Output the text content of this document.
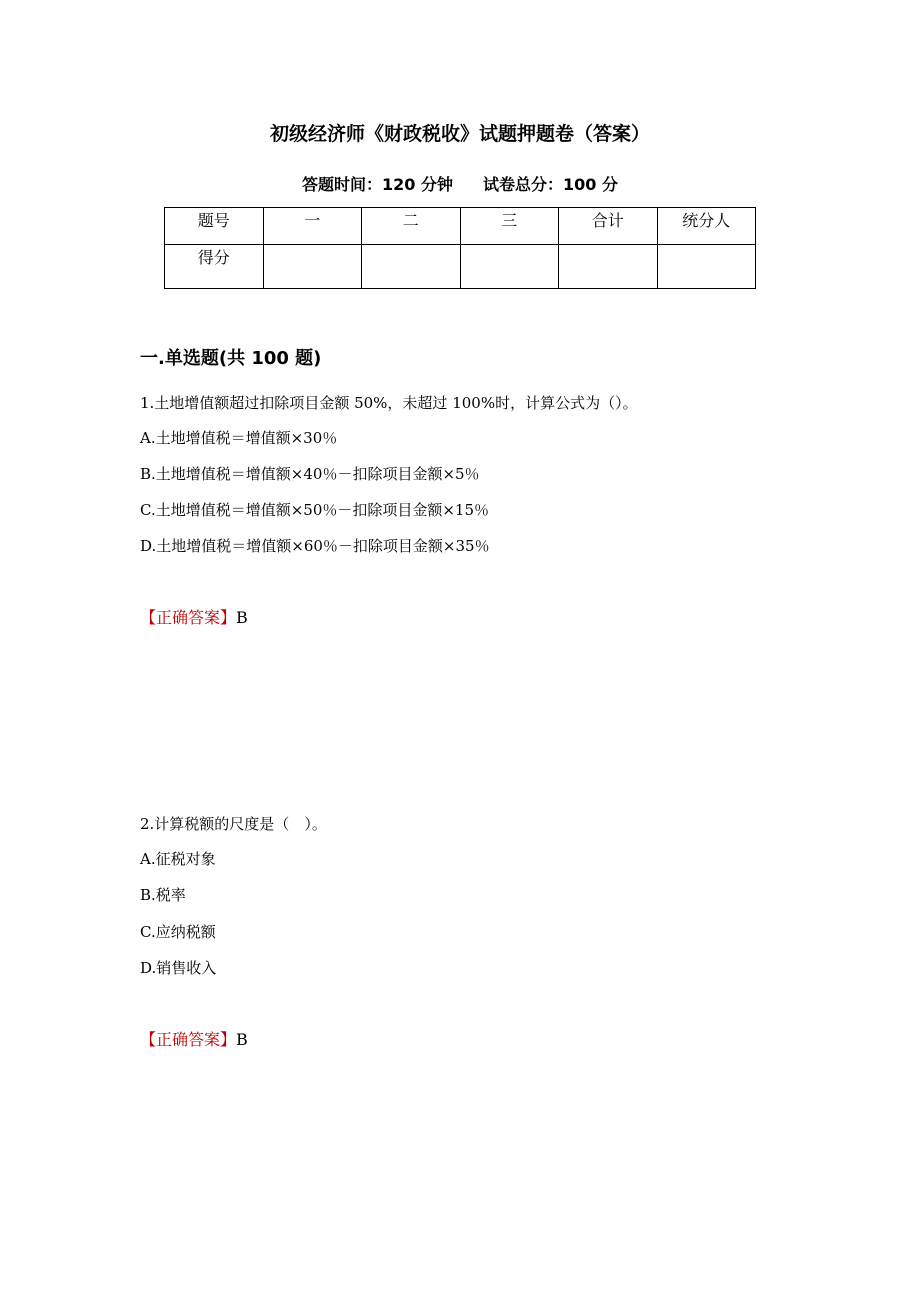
初级经济师《财政税收》试题押题卷（答案）
答题时间：120 分钟 试卷总分：100 分
题号	一	二	三	合计	统分人
得分					
一.单选题(共 100 题)
1.土地增值额超过扣除项目金额 50%，未超过 100%时，计算公式为（）。
A.土地增值税＝增值额×30％
B.土地增值税＝增值额×40％－扣除项目金额×5％
C.土地增值税＝增值额×50％－扣除项目金额×15％
D.土地增值税＝增值额×60％－扣除项目金额×35％
【正确答案】B
2.计算税额的尺度是（　）。
A.征税对象
B.税率
C.应纳税额
D.销售收入
【正确答案】B
